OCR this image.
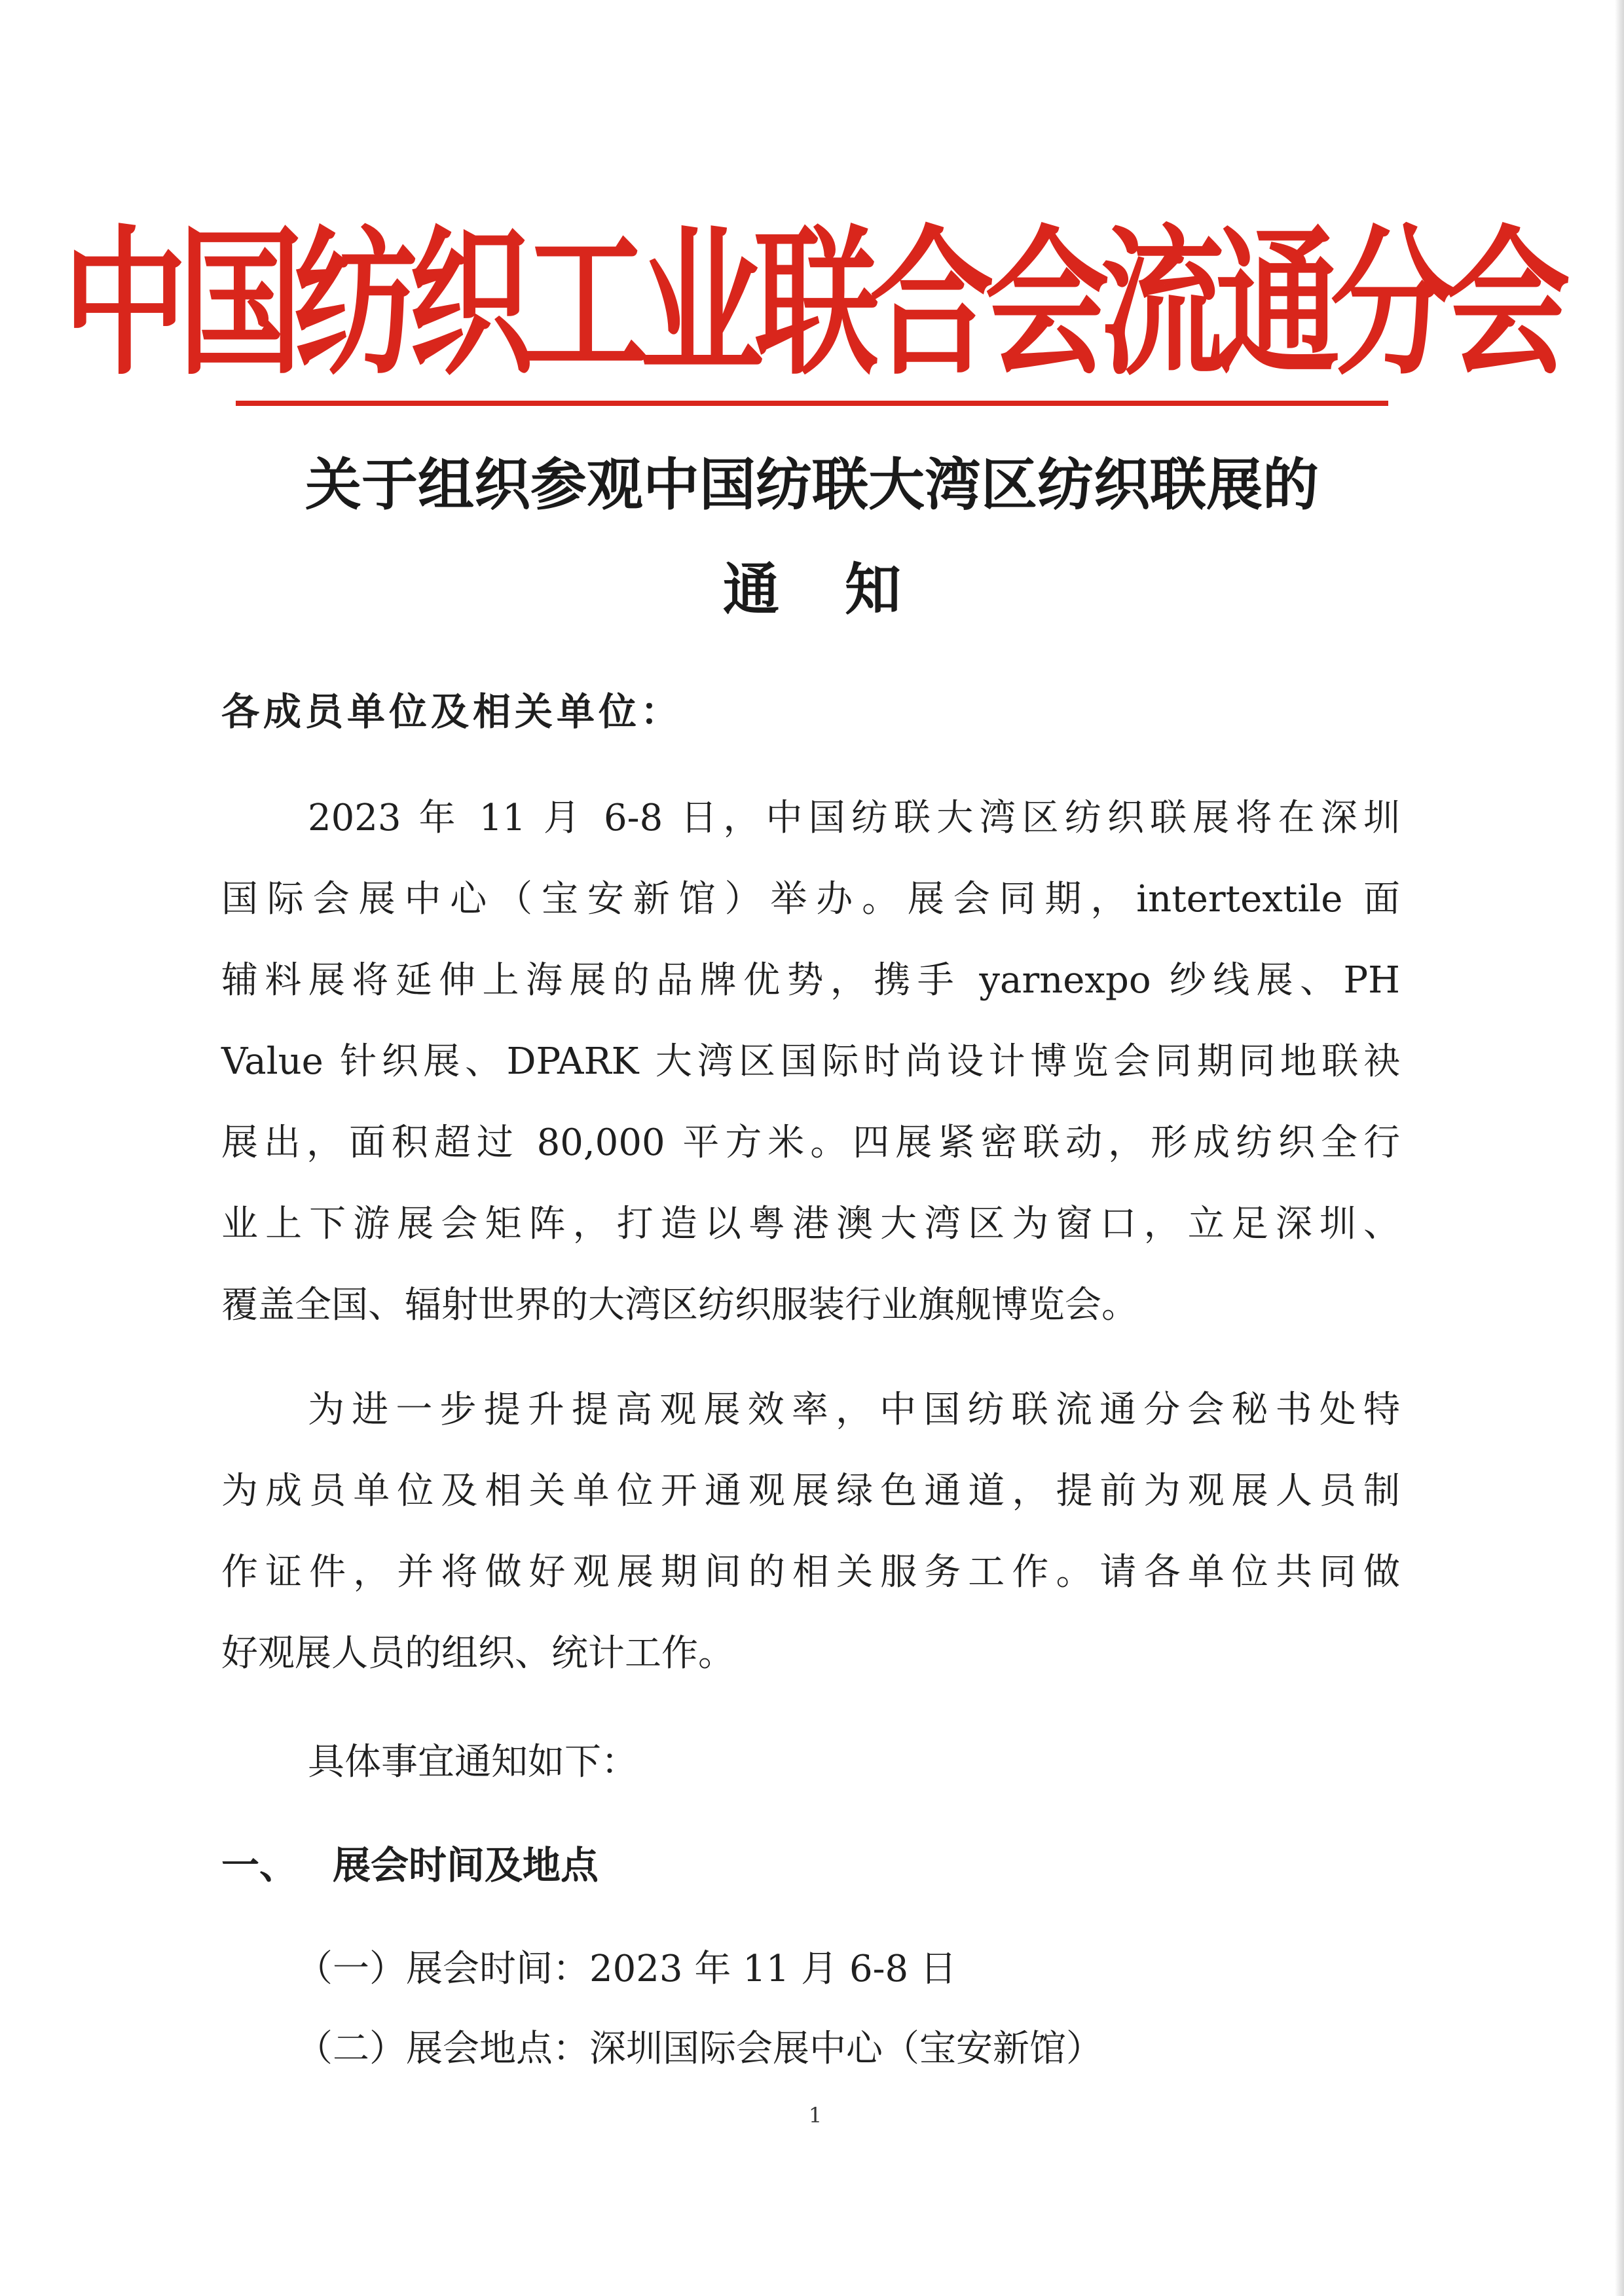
中国纺织工业联合会流通分会
关于组织参观中国纺联大湾区纺织联展的
通知
各成员单位及相关单位：
2023 年 11 月 6-8 日，中国纺联大湾区纺织联展将在深圳
国际会展中心（宝安新馆）举办。展会同期，intertextile 面
辅料展将延伸上海展的品牌优势，携手 yarnexpo 纱线展、PH
Value 针织展、DPARK 大湾区国际时尚设计博览会同期同地联袂
展出，面积超过 80,000 平方米。四展紧密联动，形成纺织全行
业上下游展会矩阵，打造以粤港澳大湾区为窗口，立足深圳、
覆盖全国、辐射世界的大湾区纺织服装行业旗舰博览会。
为进一步提升提高观展效率，中国纺联流通分会秘书处特
为成员单位及相关单位开通观展绿色通道，提前为观展人员制
作证件，并将做好观展期间的相关服务工作。请各单位共同做
好观展人员的组织、统计工作。
具体事宜通知如下：
一、 展会时间及地点
（一）展会时间：2023 年 11 月 6-8 日
（二）展会地点：深圳国际会展中心（宝安新馆）
1
